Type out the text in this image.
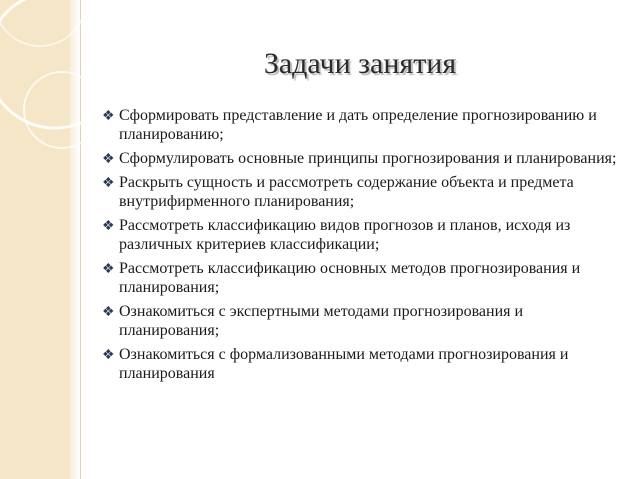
Задачи занятия
❖ Сформировать представление и дать определение прогнозированию и планированию;
❖ Сформулировать основные принципы прогнозирования и планирования;
❖ Раскрыть сущность и рассмотреть содержание объекта и предмета внутрифирменного планирования;
❖ Рассмотреть классификацию видов прогнозов и планов, исходя из различных критериев классификации;
❖ Рассмотреть классификацию основных методов прогнозирования и планирования;
❖ Ознакомиться с экспертными методами прогнозирования и планирования;
❖ Ознакомиться с формализованными методами прогнозирования и планирования
